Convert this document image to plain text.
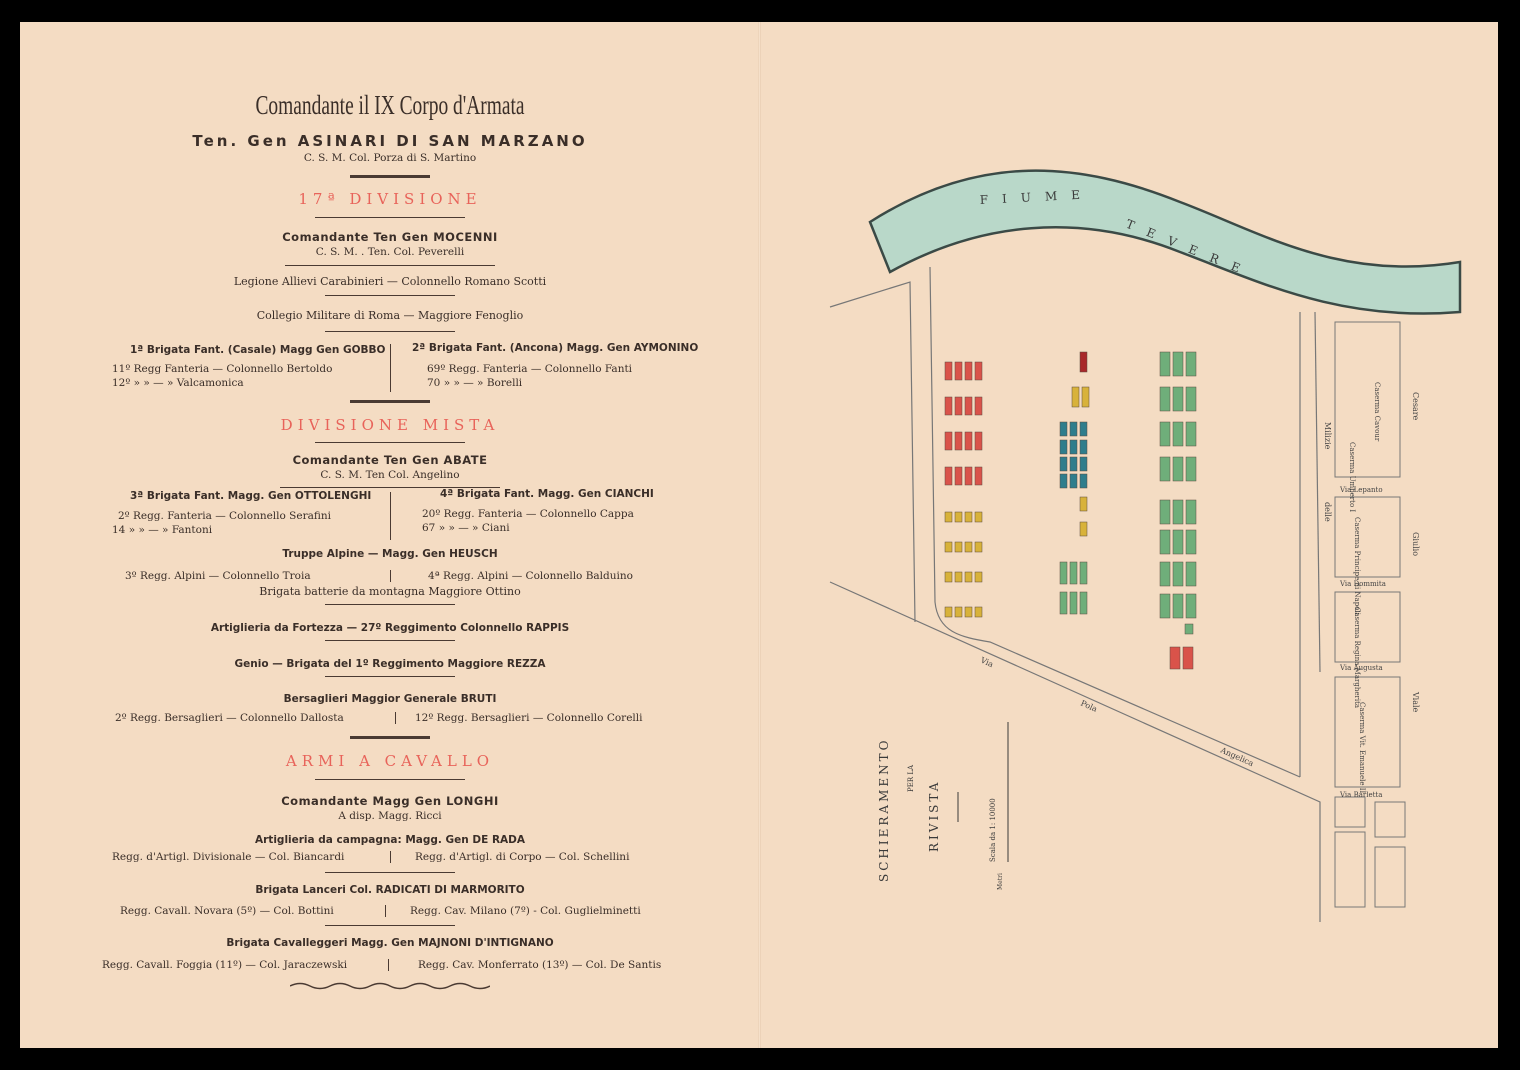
Comandante il IX Corpo d'Armata
Ten. Gen ASINARI DI SAN MARZANO
C. S. M. Col. Porza di S. Martino
17ª DIVISIONE
Comandante Ten Gen MOCENNI
C. S. M. . Ten. Col. Peverelli
Legione Allievi Carabinieri — Colonnello Romano Scotti
Collegio Militare di Roma — Maggiore Fenoglio
1ª Brigata Fant. (Casale) Magg Gen GOBBO
11º Regg Fanteria — Colonnello Bertoldo
12º » » — » Valcamonica
2ª Brigata Fant. (Ancona) Magg. Gen AYMONINO
69º Regg. Fanteria — Colonnello Fanti
70 » » — » Borelli
DIVISIONE MISTA
Comandante Ten Gen ABATE
C. S. M. Ten Col. Angelino
3ª Brigata Fant. Magg. Gen OTTOLENGHI
2º Regg. Fanteria — Colonnello Serafini
14 » » — » Fantoni
4ª Brigata Fant. Magg. Gen CIANCHI
20º Regg. Fanteria — Colonnello Cappa
67 » » — » Ciani
Truppe Alpine — Magg. Gen HEUSCH
3º Regg. Alpini — Colonnello Troia	4ª Regg. Alpini — Colonnello Balduino
Brigata batterie da montagna Maggiore Ottino
Artiglieria da Fortezza — 27º Reggimento Colonnello RAPPIS
Genio — Brigata del 1º Reggimento Maggiore REZZA
Bersaglieri Maggior Generale BRUTI
2º Regg. Bersaglieri — Colonnello Dallosta	12º Regg. Bersaglieri — Colonnello Corelli
ARMI A CAVALLO
Comandante Magg Gen LONGHI
A disp. Magg. Ricci
Artiglieria da campagna: Magg. Gen DE RADA
Regg. d'Artigl. Divisionale — Col. Biancardi	Regg. d'Artigl. di Corpo — Col. Schellini
Brigata Lanceri Col. RADICATI DI MARMORITO
Regg. Cavall. Novara (5º) — Col. Bottini	Regg. Cav. Milano (7º) - Col. Guglielminetti
Brigata Cavalleggeri Magg. Gen MAJNONI D'INTIGNANO
Regg. Cavall. Foggia (11º) — Col. Jaraczewski	Regg. Cav. Monferrato (13º) — Col. De Santis
FIUME
TEVERE
Caserma Cavour
Caserma Umberto I
Caserma Principe di Napoli
Caserma Regina Margherita
Caserma Vit. Emanuele II
Via Lepanto
Via Dommita
Via Augusta
Via Barletta
Viale
Cesare
Giulio
Milizie
delle
Via
Pola
Angelica
SCHIERAMENTO PER LA
RIVISTA	Scala da 1: 10000
Metri
